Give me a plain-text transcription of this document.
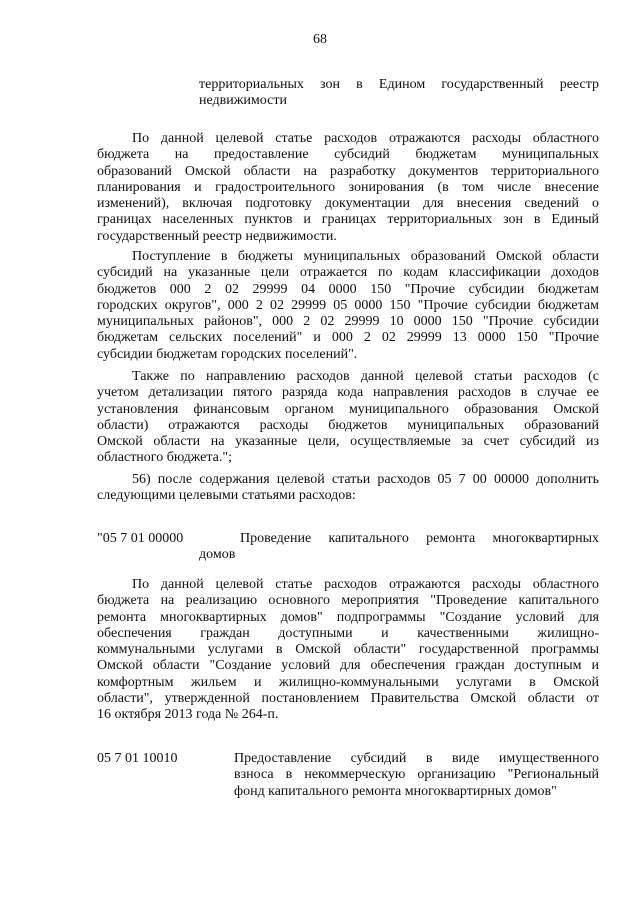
68
территориальных зон в Едином государственный реестр
недвижимости
По данной целевой статье расходов отражаются расходы областного
бюджета на предоставление субсидий бюджетам муниципальных
образований Омской области на разработку документов территориального
планирования и градостроительного зонирования (в том числе внесение
изменений), включая подготовку документации для внесения сведений о
границах населенных пунктов и границах территориальных зон в Единый
государственный реестр недвижимости.
Поступление в бюджеты муниципальных образований Омской области
субсидий на указанные цели отражается по кодам классификации доходов
бюджетов 000 2 02 29999 04 0000 150 "Прочие субсидии бюджетам
городских округов", 000 2 02 29999 05 0000 150 "Прочие субсидии бюджетам
муниципальных районов", 000 2 02 29999 10 0000 150 "Прочие субсидии
бюджетам сельских поселений" и 000 2 02 29999 13 0000 150 "Прочие
субсидии бюджетам городских поселений".
Также по направлению расходов данной целевой статьи расходов (с
учетом детализации пятого разряда кода направления расходов в случае ее
установления финансовым органом муниципального образования Омской
области) отражаются расходы бюджетов муниципальных образований
Омской области на указанные цели, осуществляемые за счет субсидий из
областного бюджета.";
56) после содержания целевой статьи расходов 05 7 00 00000 дополнить
следующими целевыми статьями расходов:
"05 7 01 00000	Проведение капитального ремонта многоквартирных
домов
По данной целевой статье расходов отражаются расходы областного
бюджета на реализацию основного мероприятия "Проведение капитального
ремонта многоквартирных домов" подпрограммы "Создание условий для
обеспечения граждан доступными и качественными жилищно-
коммунальными услугами в Омской области" государственной программы
Омской области "Создание условий для обеспечения граждан доступным и
комфортным жильем и жилищно-коммунальными услугами в Омской
области", утвержденной постановлением Правительства Омской области от
16 октября 2013 года № 264-п.
05 7 01 10010	Предоставление субсидий в виде имущественного
взноса в некоммерческую организацию "Региональный
фонд капитального ремонта многоквартирных домов"
